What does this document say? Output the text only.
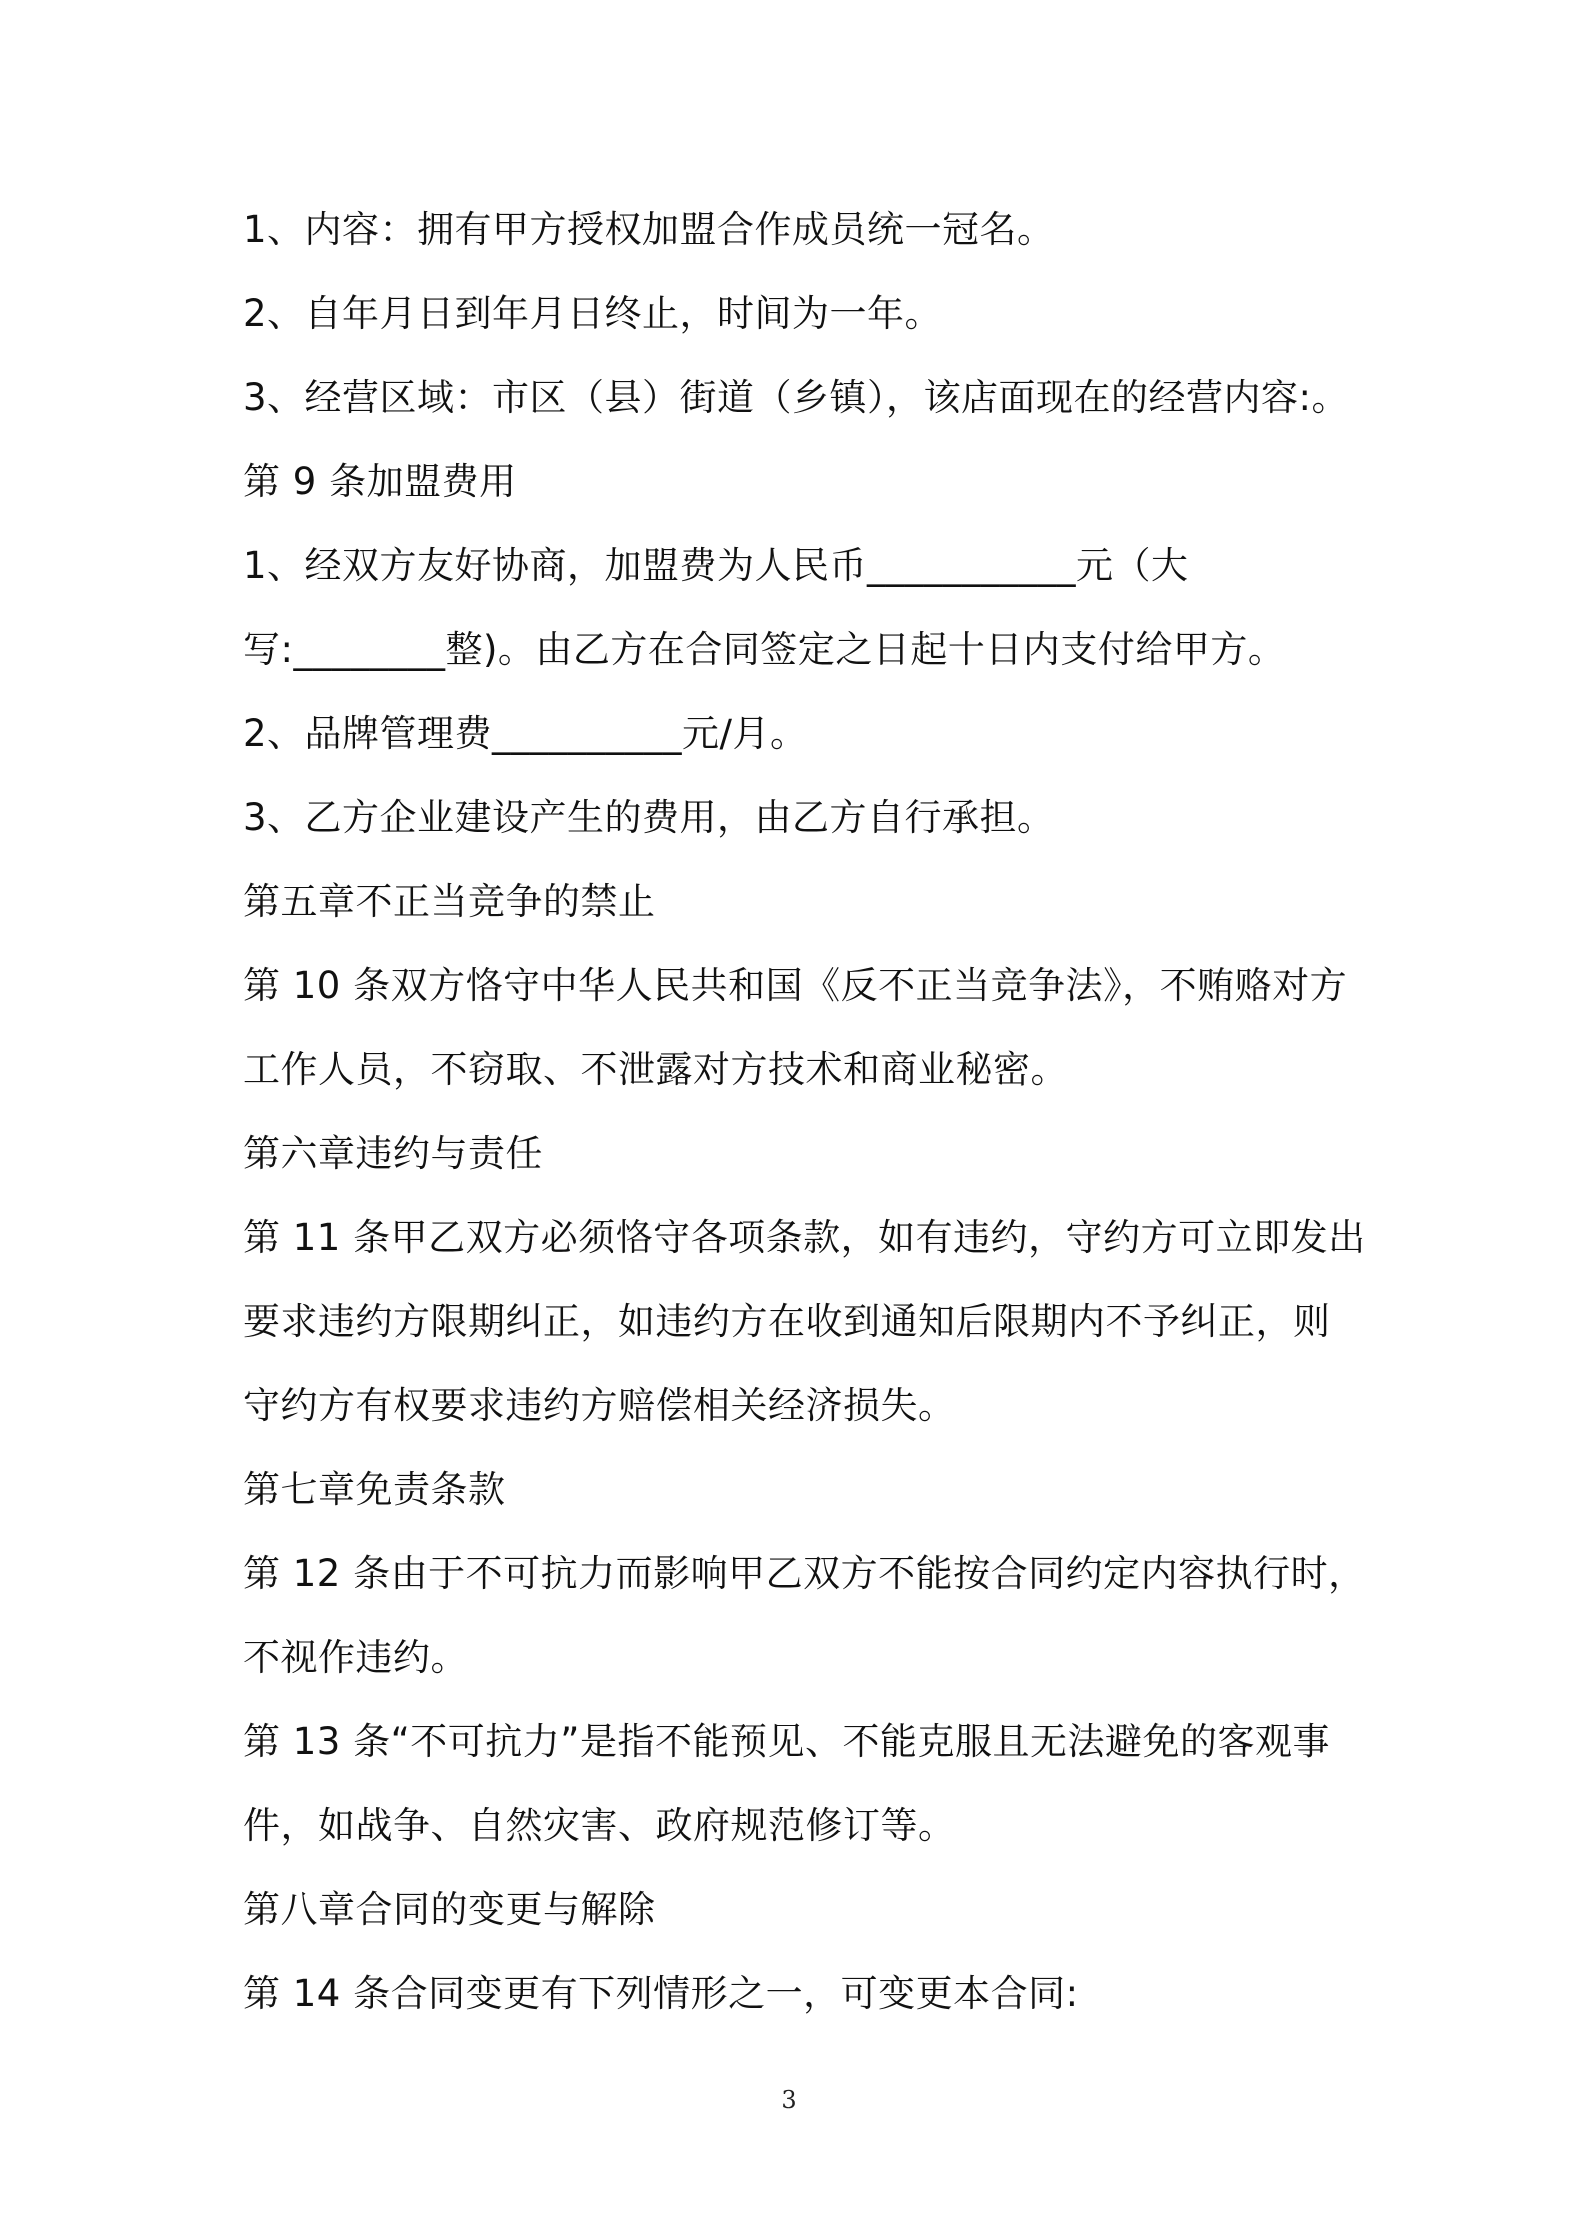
1、内容：拥有甲方授权加盟合作成员统一冠名。
2、自年月日到年月日终止，时间为一年。
3、经营区域：市区（县）街道（乡镇），该店面现在的经营内容:。
第 9 条加盟费用
1、经双方友好协商，加盟费为人民币___________元（大
写:________整)。由乙方在合同签定之日起十日内支付给甲方。
2、品牌管理费__________元/月。
3、乙方企业建设产生的费用，由乙方自行承担。
第五章不正当竞争的禁止
第 10 条双方恪守中华人民共和国《反不正当竞争法》，不贿赂对方
工作人员，不窃取、不泄露对方技术和商业秘密。
第六章违约与责任
第 11 条甲乙双方必须恪守各项条款，如有违约，守约方可立即发出
要求违约方限期纠正，如违约方在收到通知后限期内不予纠正，则
守约方有权要求违约方赔偿相关经济损失。
第七章免责条款
第 12 条由于不可抗力而影响甲乙双方不能按合同约定内容执行时，
不视作违约。
第 13 条“不可抗力”是指不能预见、不能克服且无法避免的客观事
件，如战争、自然灾害、政府规范修订等。
第八章合同的变更与解除
第 14 条合同变更有下列情形之一，可变更本合同:
3
